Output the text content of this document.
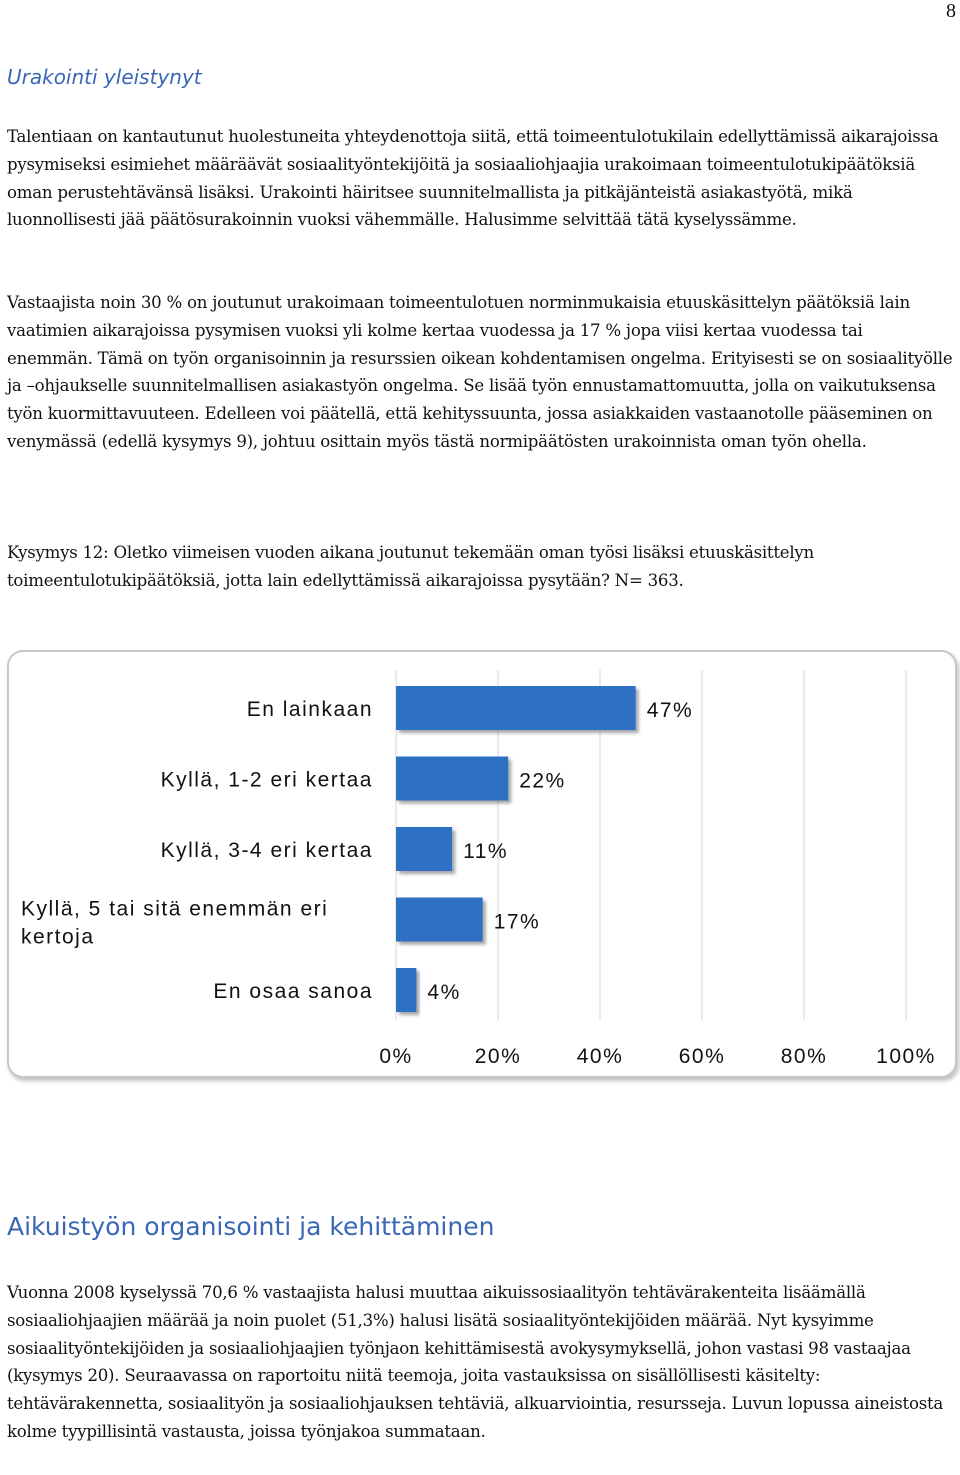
8
Urakointi yleistynyt

Talentiaan on kantautunut huolestuneita yhteydenottoja siitä, että toimeentulotukilain edellyttämissä aikarajoissa pysymiseksi esimiehet määräävät sosiaalityöntekijöitä ja sosiaaliohjaajia urakoimaan toimeentulotukipäätöksiä oman perustehtävänsä lisäksi. Urakointi häiritsee suunnitelmallista ja pitkäjänteistä asiakastyötä, mikä luonnollisesti jää päätösurakoinnin vuoksi vähemmälle. Halusimme selvittää tätä kyselyssämme.

Vastaajista noin 30 % on joutunut urakoimaan toimeentulotuen norminmukaisia etuuskäsittelyn päätöksiä lain vaatimien aikarajoissa pysymisen vuoksi yli kolme kertaa vuodessa ja 17 % jopa viisi kertaa vuodessa tai enemmän. Tämä on työn organisoinnin ja resurssien oikean kohdentamisen ongelma. Erityisesti se on sosiaalityölle ja –ohjaukselle suunnitelmallisen asiakastyön ongelma. Se lisää työn ennustamattomuutta, jolla on vaikutuksensa työn kuormittavuuteen. Edelleen voi päätellä, että kehityssuunta, jossa asiakkaiden vastaanotolle pääseminen on venymässä (edellä kysymys 9), johtuu osittain myös tästä normipäätösten urakoinnista oman työn ohella.

Kysymys 12: Oletko viimeisen vuoden aikana joutunut tekemään oman työsi lisäksi etuuskäsittelyn toimeentulotukipäätöksiä, jotta lain edellyttämissä aikarajoissa pysytään? N= 363.

En lainkaan	47%
Kyllä, 1-2 eri kertaa	22%
Kyllä, 3-4 eri kertaa	11%
Kyllä, 5 tai sitä enemmän eri
kertoja
17%
En osaa sanoa	4%
0%	20%	40%	60%	80% 100%
Aikuistyön organisointi ja kehittäminen

Vuonna 2008 kyselyssä 70,6 % vastaajista halusi muuttaa aikuissosiaalityön tehtävärakenteita lisäämällä sosiaaliohjaajien määrää ja noin puolet (51,3%) halusi lisätä sosiaalityöntekijöiden määrää. Nyt kysyimme sosiaalityöntekijöiden ja sosiaaliohjaajien työnjaon kehittämisestä avokysymyksellä, johon vastasi 98 vastaajaa (kysymys 20). Seuraavassa on raportoitu niitä teemoja, joita vastauksissa on sisällöllisesti käsitelty: tehtävärakennetta, sosiaalityön ja sosiaaliohjauksen tehtäviä, alkuarviointia, resursseja. Luvun lopussa aineistosta kolme tyypillisintä vastausta, joissa työnjakoa summataan.
